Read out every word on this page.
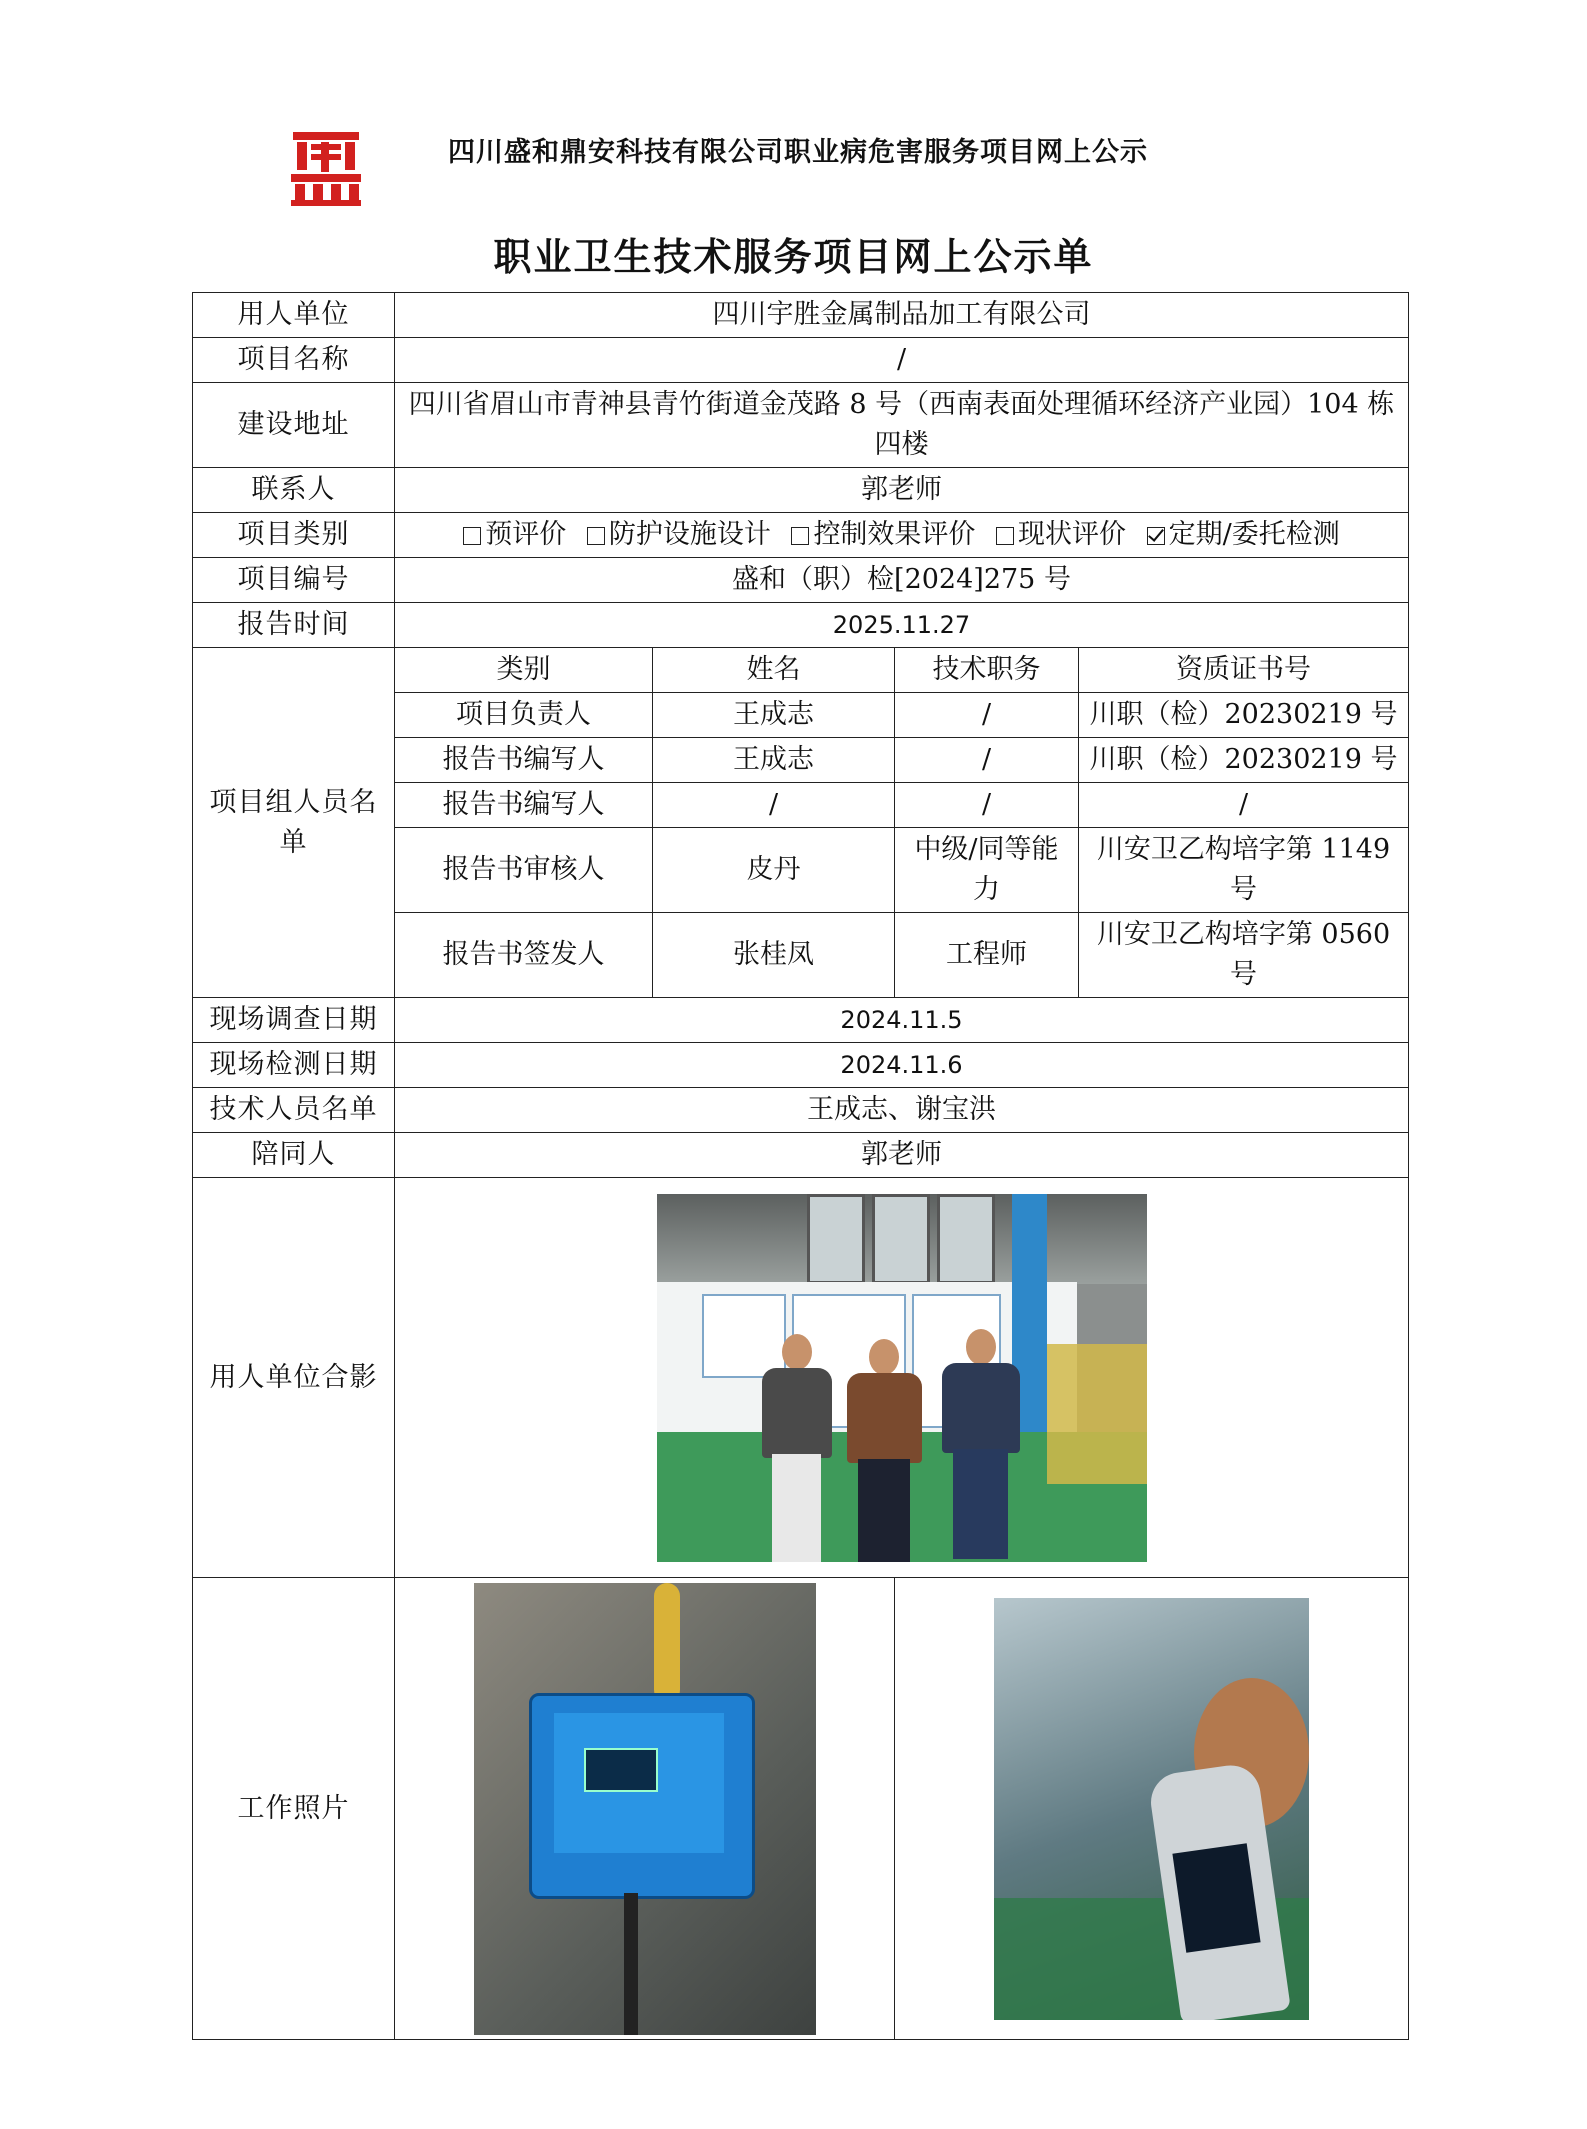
四川盛和鼎安科技有限公司职业病危害服务项目网上公示
职业卫生技术服务项目网上公示单
用人单位	四川宇胜金属制品加工有限公司			
项目名称	/			
建设地址	四川省眉山市青神县青竹街道金茂路 8 号（西南表面处理循环经济产业园）104 栋四楼			
联系人	郭老师			
项目类别	预评价 防护设施设计 控制效果评价 现状评价 定期/委托检测			
项目编号	盛和（职）检[2024]275 号			
报告时间	2025.11.27			
项目组人员名单	类别	姓名	技术职务	资质证书号
	项目负责人	王成志	/	川职（检）20230219 号
	报告书编写人	王成志	/	川职（检）20230219 号
	报告书编写人	/	/	/
	报告书审核人	皮丹	中级/同等能力	川安卫乙构培字第 1149 号
	报告书签发人	张桂凤	工程师	川安卫乙构培字第 0560 号
现场调查日期	2024.11.5			
现场检测日期	2024.11.6			
技术人员名单	王成志、谢宝洪			
陪同人	郭老师			
用人单位合影				

工作照片			
